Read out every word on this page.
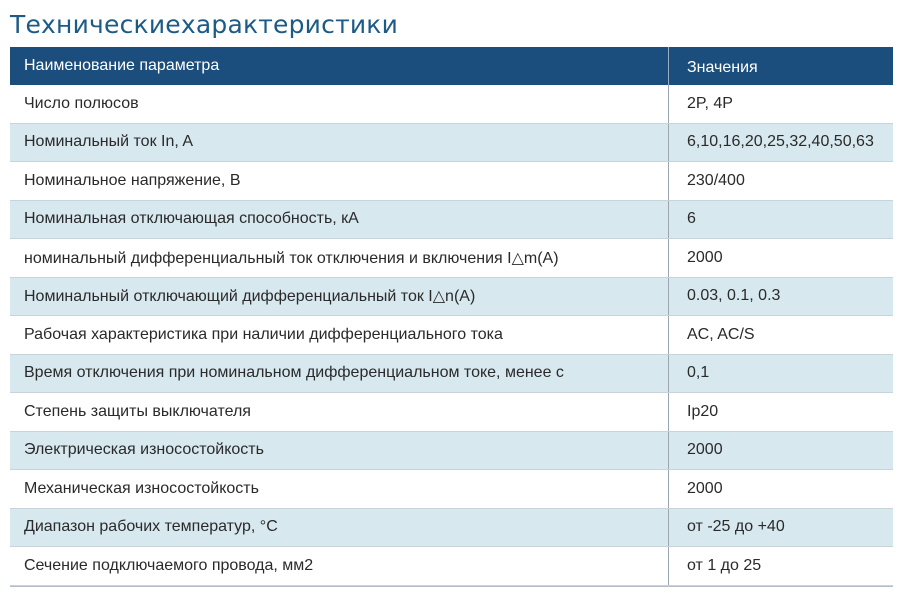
Техническиехарактеристики
Наименование параметра	Значения
Число полюсов	2P, 4P
Номинальный ток In, A	6,10,16,20,25,32,40,50,63
Номинальное напряжение, B	230/400
Номинальная отключающая способность, кА	6
номинальный дифференциальный ток отключения и включения I△m(A)	2000
Номинальный отключающий дифференциальный ток I△n(A)	0.03, 0.1, 0.3
Рабочая характеристика при наличии дифференциального тока	AC, AC/S
Время отключения при номинальном дифференциальном токе, менее с	0,1
Степень защиты выключателя	Ip20
Электрическая износостойкость	2000
Механическая износостойкость	2000
Диапазон рабочих температур, °C	от -25 до +40
Сечение подключаемого провода, мм2	от 1 до 25
